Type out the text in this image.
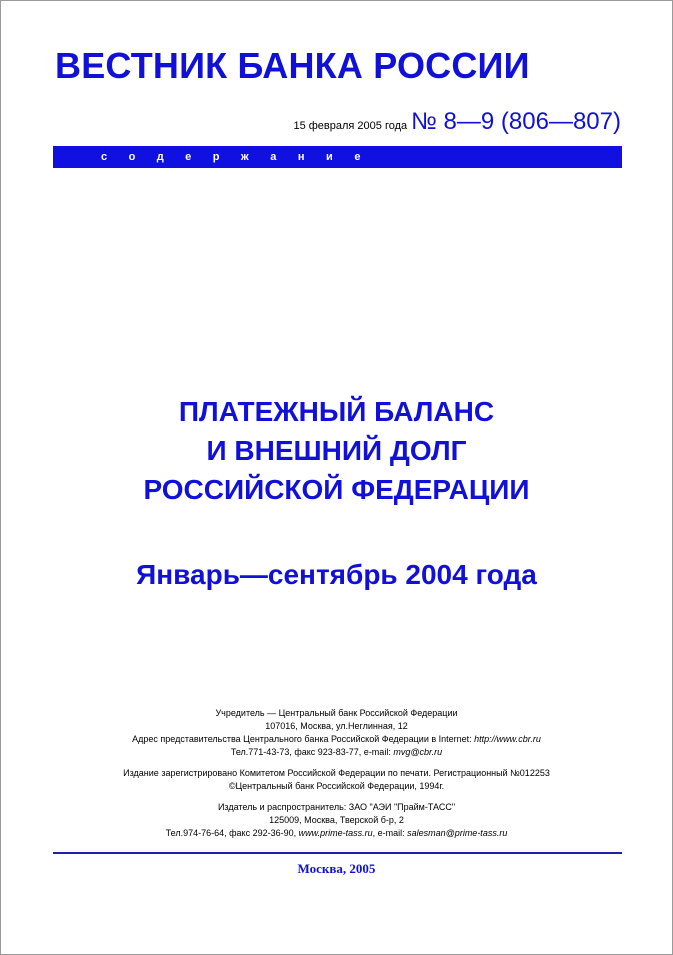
ВЕСТНИК БАНКА РОССИИ
15 февраля 2005 года № 8—9 (806—807)
содержание
ПЛАТЕЖНЫЙ БАЛАНС
И ВНЕШНИЙ ДОЛГ
РОССИЙСКОЙ ФЕДЕРАЦИИ
Январь—сентябрь 2004 года
Учредитель — Центральный банк Российской Федерации
107016, Москва, ул.Неглинная, 12
Адрес представительства Центрального банка Российской Федерации в Internet: http://www.cbr.ru
Тел.771-43-73, факс 923-83-77, e-mail: mvg@cbr.ru
Издание зарегистрировано Комитетом Российской Федерации по печати. Регистрационный №012253
©Центральный банк Российской Федерации, 1994г.
Издатель и распространитель: ЗАО "АЭИ "Прайм-ТАСС"
125009, Москва, Тверской б-р, 2
Тел.974-76-64, факс 292-36-90, www.prime-tass.ru, e-mail: salesman@prime-tass.ru
Москва, 2005
